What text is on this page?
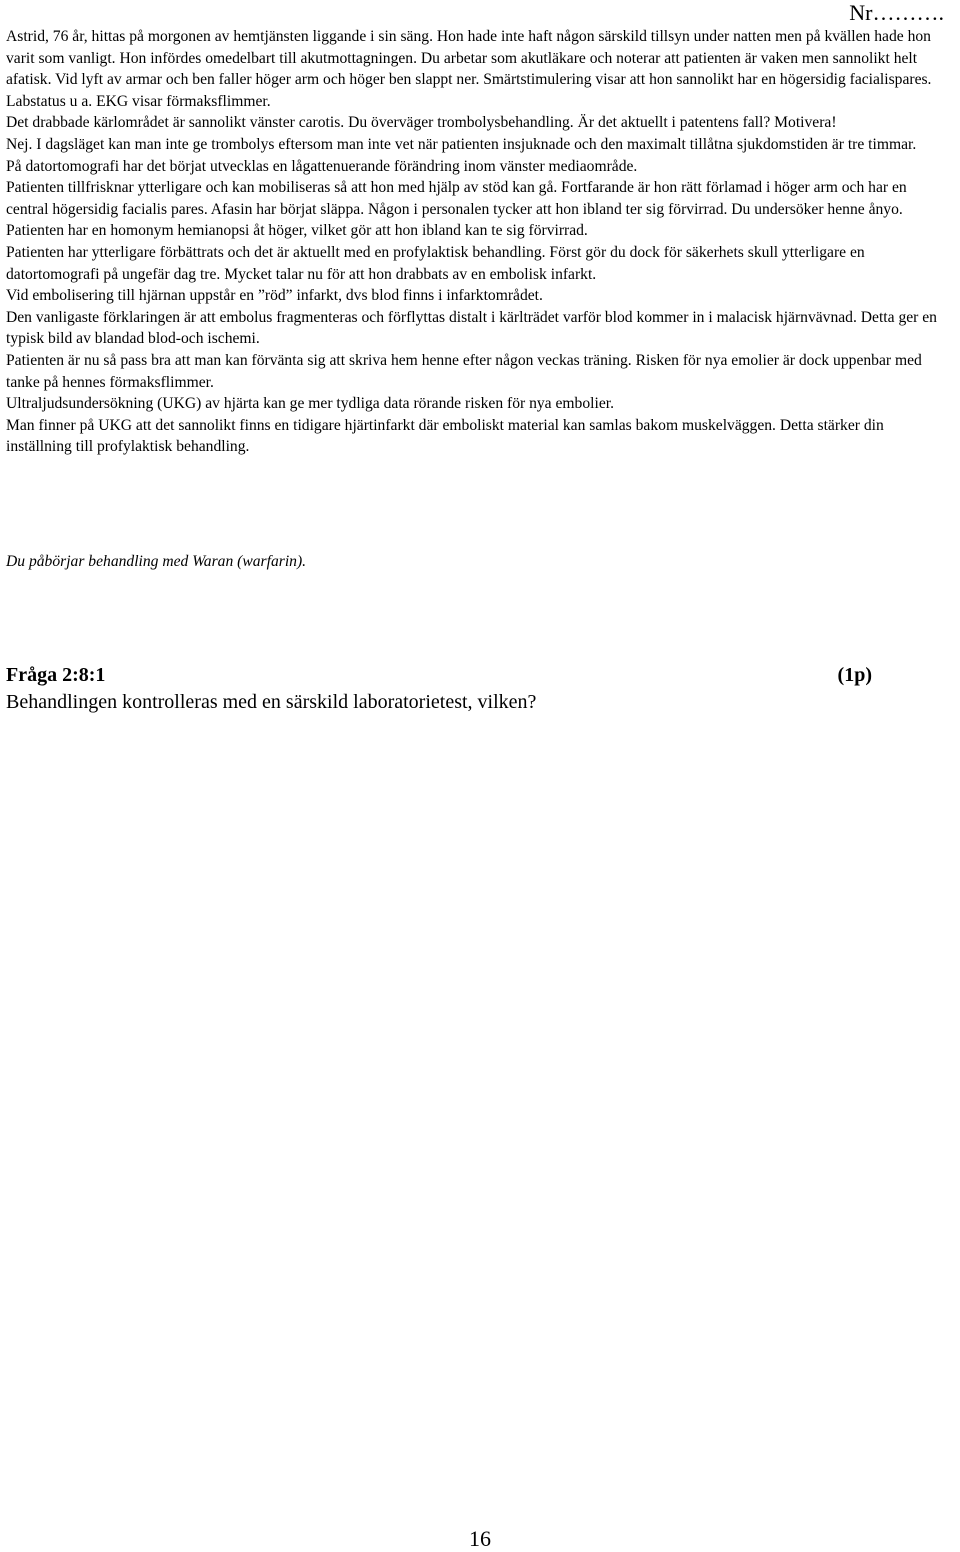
Nr……….

Astrid, 76 år, hittas på morgonen av hemtjänsten liggande i sin säng. Hon hade inte haft någon särskild tillsyn under natten men på kvällen hade hon varit som vanligt. Hon infördes omedelbart till akutmottagningen. Du arbetar som akutläkare och noterar att patienten är vaken men sannolikt helt afatisk. Vid lyft av armar och ben faller höger arm och höger ben slappt ner. Smärtstimulering visar att hon sannolikt har en högersidig facialispares. Labstatus u a. EKG visar förmaksflimmer.

Det drabbade kärlområdet är sannolikt vänster carotis. Du överväger trombolysbehandling. Är det aktuellt i patentens fall? Motivera!

Nej. I dagsläget kan man inte ge trombolys eftersom man inte vet när patienten insjuknade och den maximalt tillåtna sjukdomstiden är tre timmar.

På datortomografi har det börjat utvecklas en lågattenuerande förändring inom vänster mediaområde.

Patienten tillfrisknar ytterligare och kan mobiliseras så att hon med hjälp av stöd kan gå. Fortfarande är hon rätt förlamad i höger arm och har en central högersidig facialis pares. Afasin har börjat släppa. Någon i personalen tycker att hon ibland ter sig förvirrad. Du undersöker henne ånyo.

Patienten har en homonym hemianopsi åt höger, vilket gör att hon ibland kan te sig förvirrad.

Patienten har ytterligare förbättrats och det är aktuellt med en profylaktisk behandling. Först gör du dock för säkerhets skull ytterligare en datortomografi på ungefär dag tre. Mycket talar nu för att hon drabbats av en embolisk infarkt.

Vid embolisering till hjärnan uppstår en ”röd” infarkt, dvs blod finns i infarktområdet.

Den vanligaste förklaringen är att embolus fragmenteras och förflyttas distalt i kärlträdet varför blod kommer in i malacisk hjärnvävnad. Detta ger en typisk bild av blandad blod-och ischemi.

Patienten är nu så pass bra att man kan förvänta sig att skriva hem henne efter någon veckas träning. Risken för nya emolier är dock uppenbar med tanke på hennes förmaksflimmer.

Ultraljudsundersökning (UKG) av hjärta kan ge mer tydliga data rörande risken för nya embolier.

Man finner på UKG att det sannolikt finns en tidigare hjärtinfarkt där emboliskt material kan samlas bakom muskelväggen. Detta stärker din inställning till profylaktisk behandling.

Du påbörjar behandling med Waran (warfarin).

Fråga 2:8:1	(1p)

Behandlingen kontrolleras med en särskild laboratorietest, vilken?

16
